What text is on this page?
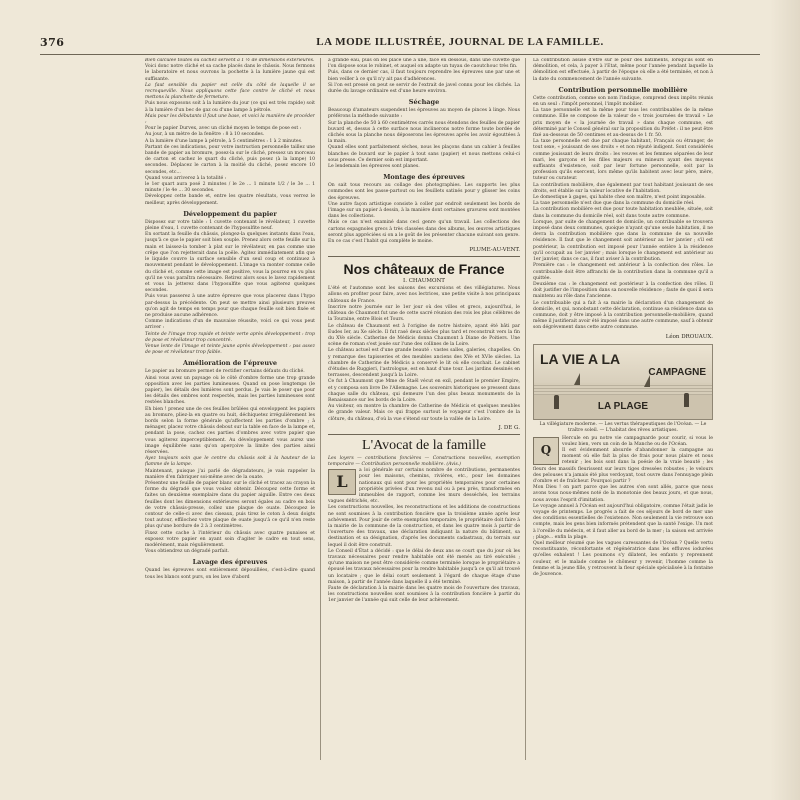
376	LA MODE ILLUSTRÉE, JOURNAL DE LA FAMILLE.

Bien calculée toutes ou cachez servent à 1 ½ de dimensions extérieures.

Voici donc notre cliché et sa cache placés dans le châssis. Nous fermons le laboratoire et nous ouvrons la pochette à la lumière jaune qui est suffisante.

La faut sensible du papier est celle du côté de laquelle il se recroqueville. Nous appliquons cette face contre le cliché et nous mettons la planchette de fermeture.

Puis nous exposons soit à la lumière du jour (ce qui est très rapide) soit à la lumière d'un bec de gaz ou d'une lampe à pétrole.

Mais pour les débutants il faut une base, et voici la manière de procéder :

Pour le papier Durvex, avec un cliché moyen le temps de pose est :

Au jour, à un mètre de la fenêtre : 8 à 10 secondes.

A la lumière d'une lampe à pétrole, à 5 centimètres : 1 à 2 minutes.

Partant de ces indications, pour votre instruction personnelle taillez une bande de papier au bromure, posez-la sur le cliché, pressez un morceau de carton et cachez le quart du cliché, puis posez (à la lampe) 10 secondes. Déplacez le carton à la moitié du cliché, posez encore 10 secondes, etc...

Quand vous arriverez à la totalité :

le 1er quart aura posé 2 minutes / le 2e ... 1 minute 1/2 / le 3e ... 1 minute / le 4e ... 30 secondes.

Développez cette bande et, entre les quatre résultats, vous verrez le meilleur, après développement.

Développement du papier

Disposez sur votre table : 1 cuvette contenant le révélateur, 1 cuvette pleine d'eau, 1 cuvette contenant de l'hyposulfite neuf.

En sortant la feuille du châssis, plongez-la quelques instants dans l'eau, jusqu'à ce que le papier soit bien souple. Prenez alors cette feuille sur la main et laissez-la tomber à plat sur le révélateur, en pas comme une crêpe que l'on rejetterait dans la poêle. Agitez immédiatement afin que le liquide couvre la surface sensible d'un seul coup et continuez à mouvement pendant le développement. L'image va monter comme celle du cliché et, comme cette image est positive, vous la pourrez en vu plus qu'il ne vous paraîtra nécessaire. Retirez alors sous le lavez rapidement et vous la jetterez dans l'hyposulfite que vous agiterez quelques secondes.

Puis vous passerez à une autre épreuve que vous placerez dans l'hypo par-dessus la précédente. On peut se mettre ainsi plusieurs preuves qu'on agit de temps en temps pour que chaque feuille soit bien fixée et ne produise aucune adhérence.

Comme indications d'un de mauvaise réussite, voici ce qui vous peut arriver :

Teinte de l'image trop rapide et teinte verte après développement : trop de pose et révélateur trop concentré.

Venue lente de l'image et teinte jaune après développement : pas assez de pose et révélateur trop faible.

Amélioration de l'épreuve

Le papier au bromure permet de rectifier certains défauts du cliché.

Ainsi vous avez un paysage où le côté d'ombre forme une trop grande opposition avec les parties lumineuses. Quand on pose longtemps (le papier), les détails des lumières sont perdus. Je vais le poser que pour les détails des ombres sont respectés, mais les parties lumineuses sont restées blanches.

Eh bien ! prenez une de ces feuilles brûlées qui enveloppent les papiers au bromure, pliez-la en quatre ou huit, déchiquetez irrégulièrement les bords selon la forme générale qu'affectent les parties d'ombre ; à ménager, placez votre châssis debout sur la table en face de la lampe et, pendant la pose, cachez ces parties d'ombres avec votre papier que vous agiterez imperceptiblement. Au développement vous aurez une image équilibrée sans qu'on aperçoive la limite des parties ainsi réservées.

Ayez toujours soin que le centre du châssis soit à la hauteur de la flamme de la lampe.

Maintenant, puisque j'ai parlé de dégradateurs, je vais rappeler la manière d'en fabriquer soi-même avec de la ouate.

Présentez une feuille de papier blanc sur le cliché et tracez au crayon la forme du dégradé que vous voulez obtenir. Découpez cette forme et faites un deuxième exemplaire dans du papier aiguille. Entre ces deux feuilles dont les dimensions extérieures seront égales au cadre en bois de votre châssis-presse, collez une plaque de ouate. Découpez le contour de celle-ci avec des ciseaux, puis tirez le coton à deux doigts tout autour, effilochez votre plaque de ouate jusqu'à ce qu'il n'en reste plus qu'une bordure de 2 à 3 centimètres.

Fixez cette cache à l'intérieur du châssis avec quatre punaises et exposez votre papier en ayant soin d'agiter le cadre en tout sens, modérément, mais régulièrement.

Vous obtiendrez un dégradé parfait.

Lavage des épreuves

Quand les épreuves sont entièrement dépouillées, c'est-à-dire quand tous les blancs sont purs, on les lave d'abord

à grande eau, puis on les place une à une, face en dessous, dans une cuvette que l'on dispose sous le robinet, et auquel on adapte un tuyau de caoutchouc très fin.

Puis, dans ce dernier cas, il faut toujours reprendre les épreuves une par une et bien veiller à ce qu'il n'y ait pas d'adhérences.

Si l'on est pressé on peut se servir de l'extrait de javel connu pour les clichés. La durée du lavage ordinaire est d'une heure environ.

Séchage

Beaucoup d'amateurs suspendent les épreuves au moyen de pinces à linge. Nous préférons la méthode suivante :

Sur la planche de 50 à 60 centimètres carrés nous étendons des feuilles de papier buvard et, dessus à cette surface nous inclinerons notre forme toute bordée de clichés sous la planche nous déposerons les épreuves après les avoir égouttées à la main.

Quand elles sont parfaitement sèches, nous les plaçons dans un cahier à feuilles blanches de buvard sur le papier à tout sans (papier) et nous mettons celui-ci sous presse. Ce dernier soin est important.

Le lendemain les épreuves sont planes.

Montage des épreuves

On sait tous recours au collage des photographies. Les supports les plus commodes sont les passe-partout ou les feuillets satinés pour y glisser les coins des épreuves.

Une autre façon artistique consiste à coller par endroit seulement les bords de l'image sur un papier à dessin, à la manière dont certaines gravures sont montées dans les collections.

Mais ce cas n'est examiné dans ceci genre qu'un travail. Les collections des cartons espagnoles grecs à très classées dans des albums, les œuvres artistiques seront plus appréciées si on a le goût de les présenter chacune suivant son genre.

En ce cas c'est l'habit qui complète le moine.

PLUME-AU-VENT.
Nos châteaux de France
I. CHAUMONT

L'été et l'automne sont les saisons des excursions et des villégiatures. Nous allons en profiter pour faire, avec nos lectrices, une petite visite à nos principaux châteaux de France.

Inscrire notre journée sur le 1er jour où des villes et grecs, aujourd'hui, le château de Chaumont fut une de cette sacré réunion des rois les plus célèbres de la Touraine, entre Blois et Tours.

Le château de Chaumont est à l'origine de notre histoire, ayant été bâti par Eudes Ier, au Xe siècle. Il fut rasé deux siècles plus tard et reconstruit vers la fin du XVe siècle. Catherine de Médicis donna Chaumont à Diane de Poitiers. Une scène de roman s'est jouée sur l'une des collines de la Loire.

Le château actuel est d'une grande beauté : vastes salles, galeries, chapelles. On y remarque des tapisseries et des meubles anciens des XVe et XVIe siècles. La chambre de Catherine de Médicis a conservé le lit où elle couchait. Le cabinet d'études de Ruggieri, l'astrologue, est en haut d'une tour. Les jardins dessinés en terrasses, descendent jusqu'à la Loire.

Ce fut à Chaumont que Mme de Staël vécut en exil, pendant le premier Empire, et y composa son livre De l'Allemagne. Les souvenirs historiques se pressent dans chaque salle du château, qui demeure l'un des plus beaux monuments de la Renaissance sur les bords de la Loire.

Au visiteur, on montre la chambre de Catherine de Médicis et quelques meubles de grande valeur. Mais ce qui frappe surtout le voyageur c'est l'ombre de la clôture, du château, d'où la vue s'étend sur toute la vallée de la Loire.

J. DE G.
L'Avocat de la famille

Les loyers — contributions foncières — Constructions nouvelles, exemption temporaire — Contribution personnelle mobilière. (Avis.)

L

a loi générale sur certains nombre de contributions, permanentes pour les maisons, chemins, rivières, etc., pour les domaines nationaux qui sont pour les propriétés temporaires pour certaines propriétés privées d'un revenu nul ou à peu près, transformées en immeubles de rapport, comme les murs desséchés, les terrains vagues défrichés, etc.

Les constructions nouvelles, les reconstructions et les additions de constructions ne sont soumises à la contribution foncière que la troisième année après leur achèvement. Pour jouir de cette exemption temporaire, le propriétaire doit faire à la mairie de la commune de la construction, et dans les quatre mois à partir de l'ouverture des travaux, une déclaration indiquant la nature du bâtiment, sa destination et sa désignation, d'après les documents cadastraux, du terrain sur lequel il doit être construit.

Le Conseil d'État a décidé : que le délai de deux ans se court que du jour où les travaux nécessaires pour rendre habitable ont été menés au tiré exécutés ; qu'une maison ne peut être considérée comme terminée lorsque le propriétaire a épousé les travaux nécessaires pour la rendre habitable jusqu'à ce qu'il ait trouvé un locataire ; que le délai court seulement à l'égard de chaque étage d'une maison, à partir de l'année dans laquelle il a été terminé.

Faute de déclaration à la mairie dans les quatre mois de l'ouverture des travaux, les constructions nouvelles sont soumises à la contribution foncière à partir du 1er janvier de l'année qui suit celle de leur achèvement.

La contribution assise d'être sur le pour des bâtiments, lorsqu'ils sont en démolition, et cela, à payer à l'Etat, même pour l'année pendant laquelle la démolition est effectuée, à partir de l'époque où elle a été terminée, et non à la date du commencement de l'année suivante.

Contribution personnelle mobilière

Cette contribution, comme son nom l'indique, comprend deux impôts réunis en un seul : l'impôt personnel, l'impôt mobilier.

La taxe personnelle est la même pour tous les contribuables de la même commune. Elle se compose de la valeur de « trois journées de travail » Le prix moyen de « la journée de travail » dans chaque commune, est déterminé par le Conseil général sur la proposition du Préfet : il ne peut être fixé au-dessous de 50 centimes et au-dessus de 1 fr. 50.

La taxe personnelle est due par chaque habitant, Français ou étranger, de tout sexe, « jouissant de ses droits » et non réputé indigent. Sont considérés comme jouissant de leurs droits : les veuves et les femmes séparées de leur mari, les garçons et les filles majeurs ou mineurs ayant des moyens suffisants d'existence, soit par leur fortune personnelle, soit par la profession qu'ils exercent, lors même qu'ils habitent avec leur père, mère, tuteur ou curateur.

La contribution mobilière, due également par tout habitant jouissant de ses droits, est établie sur la valeur locative de l'habitation.

Le domestique à gages, qui habite chez son maître, n'est point imposable.

La taxe personnelle n'est due que dans la commune du domicile réel.

La contribution mobilière est due pour toute habitation meublée, située, soit dans la commune du domicile réel, soit dans toute autre commune.

Lorsque, par suite de changement de domicile, un contribuable se trouvera imposé dans deux communes, quoique n'ayant qu'une seule habitation, il ne devra la contribution mobilière que dans la commune de sa nouvelle résidence. Il faut que le changement soit antérieur au 1er janvier ; s'il est postérieur, la contribution est imposé pour l'année entière à la résidence qu'il occupait au 1er janvier ; mais lorsque le changement est antérieur au 1er janvier, dans ce cas, il faut aviser à la contribution.

Première cas : le changement est antérieur à la confection des rôles. Le contribuable doit être affranchi de la contribution dans la commune qu'il a quittée.

Deuxième cas : le changement est postérieur à la confection des rôles. Il doit justifier de l'imposition dans sa nouvelle résidence ; faute de quoi il sera maintenu au rôle dans l'ancienne.

Le contribuable qui a fait à sa mairie la déclaration d'un changement de domicile, et qui, nonobstant cette déclaration, continue sa résidence dans sa commune, doit y être imposé à la contribution personnelle-mobilière, quand même il justifierait avoir été imposé dans une autre commune, sauf à obtenir son dégrèvement dans cette autre commune.

Léon DROUAUX.
LA VIE A LA
CAMPAGNE
LA PLAGE

La villégiature moderne. — Les vertus thérapeutiques de l'Océan. — Le traître soleil. — L'habitat des rêves artistiques.

Q

Hercule en pu notre vie campagnarde pour courir, si vous le voulez bien, vers un coin de la Manche ou de l'Océan.

Il est évidemment absurde d'abandonner la campagne au moment où elle fait la plus de frais pour nous plaire et nous retenir ; les bois sont dans la poésie de la vraie beauté ; les fleurs des massifs fleurissent sur leurs tiges dressées robustes ; le velours des pelouses n'a jamais été plus verdoyant, tout ouvre dans l'ennuyage plein d'ombre et de fraîcheur. Pourquoi partir ?

Mon Dieu ! on part parce que les autres s'en sont allés, parce que nous avons tous nous-mêmes noté de la monotonie des beaux jours, et que nous, nous avons l'esprit d'imitation.

Le voyage annuel à l'Océan est aujourd'hui obligatoire, comme l'était jadis le voyage de printemps. Le progrès a fait de ces séjours de bord de mer une des conditions essentielles de l'existence. Non seulement la vie retrouve son compte, mais les gens bien informés prétendent que la santé l'exige. Un mot à l'oreille du médecin, et il faut aller au bord de la mer ; la saison est arrivée ; plage... enfin la plage.

Quel meilleur résumé que les vagues caressantes de l'Océan ? Quelle vertu reconstituante, réconfortante et régénératrice dans les effluves iodurées qu'elles exhalent ! Les poumons s'y dilatent, les enfants y reprennent couleur, et le malade comme le chômeur y revenir, l'homme comme la femme et la jeune fille, y retrouvent la fleur spéciale spécialisée à la fontaine de Jouvence.
